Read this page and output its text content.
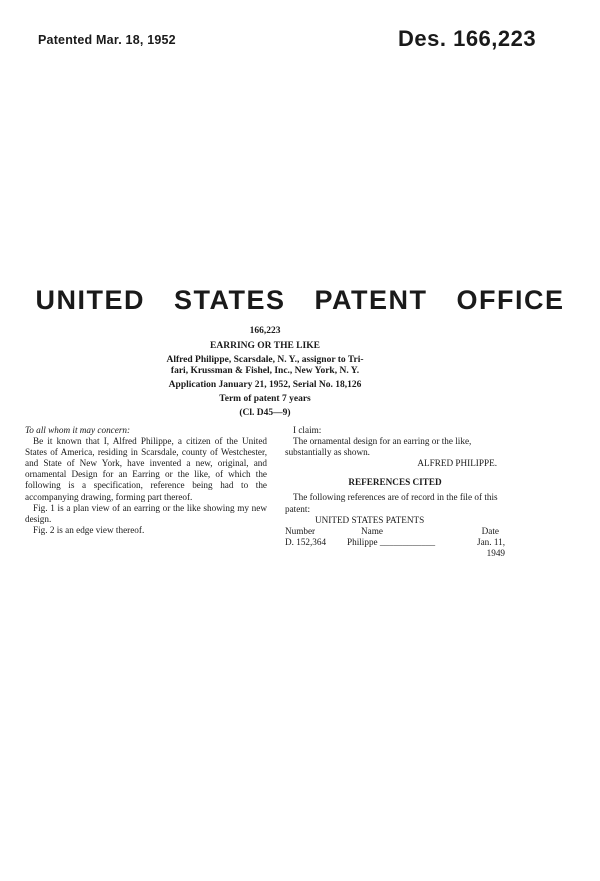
Patented Mar. 18, 1952	Des. 166,223
UNITED STATES PATENT OFFICE
166,223
EARRING OR THE LIKE
Alfred Philippe, Scarsdale, N. Y., assignor to Tri-
fari, Krussman & Fishel, Inc., New York, N. Y.
Application January 21, 1952, Serial No. 18,126
Term of patent 7 years
(Cl. D45—9)

To all whom it may concern:

Be it known that I, Alfred Philippe, a citizen of the United States of America, residing in Scarsdale, county of Westchester, and State of New York, have invented a new, original, and ornamental Design for an Earring or the like, of which the following is a specification, reference being had to the accompanying drawing, forming part thereof.

Fig. 1 is a plan view of an earring or the like showing my new design.

Fig. 2 is an edge view thereof.

I claim:

The ornamental design for an earring or the like, substantially as shown.

ALFRED PHILIPPE.

REFERENCES CITED

The following references are of record in the file of this patent:

UNITED STATES PATENTS

Number	Name	Date
D. 152,364	Philippe ____________	Jan. 11, 1949
